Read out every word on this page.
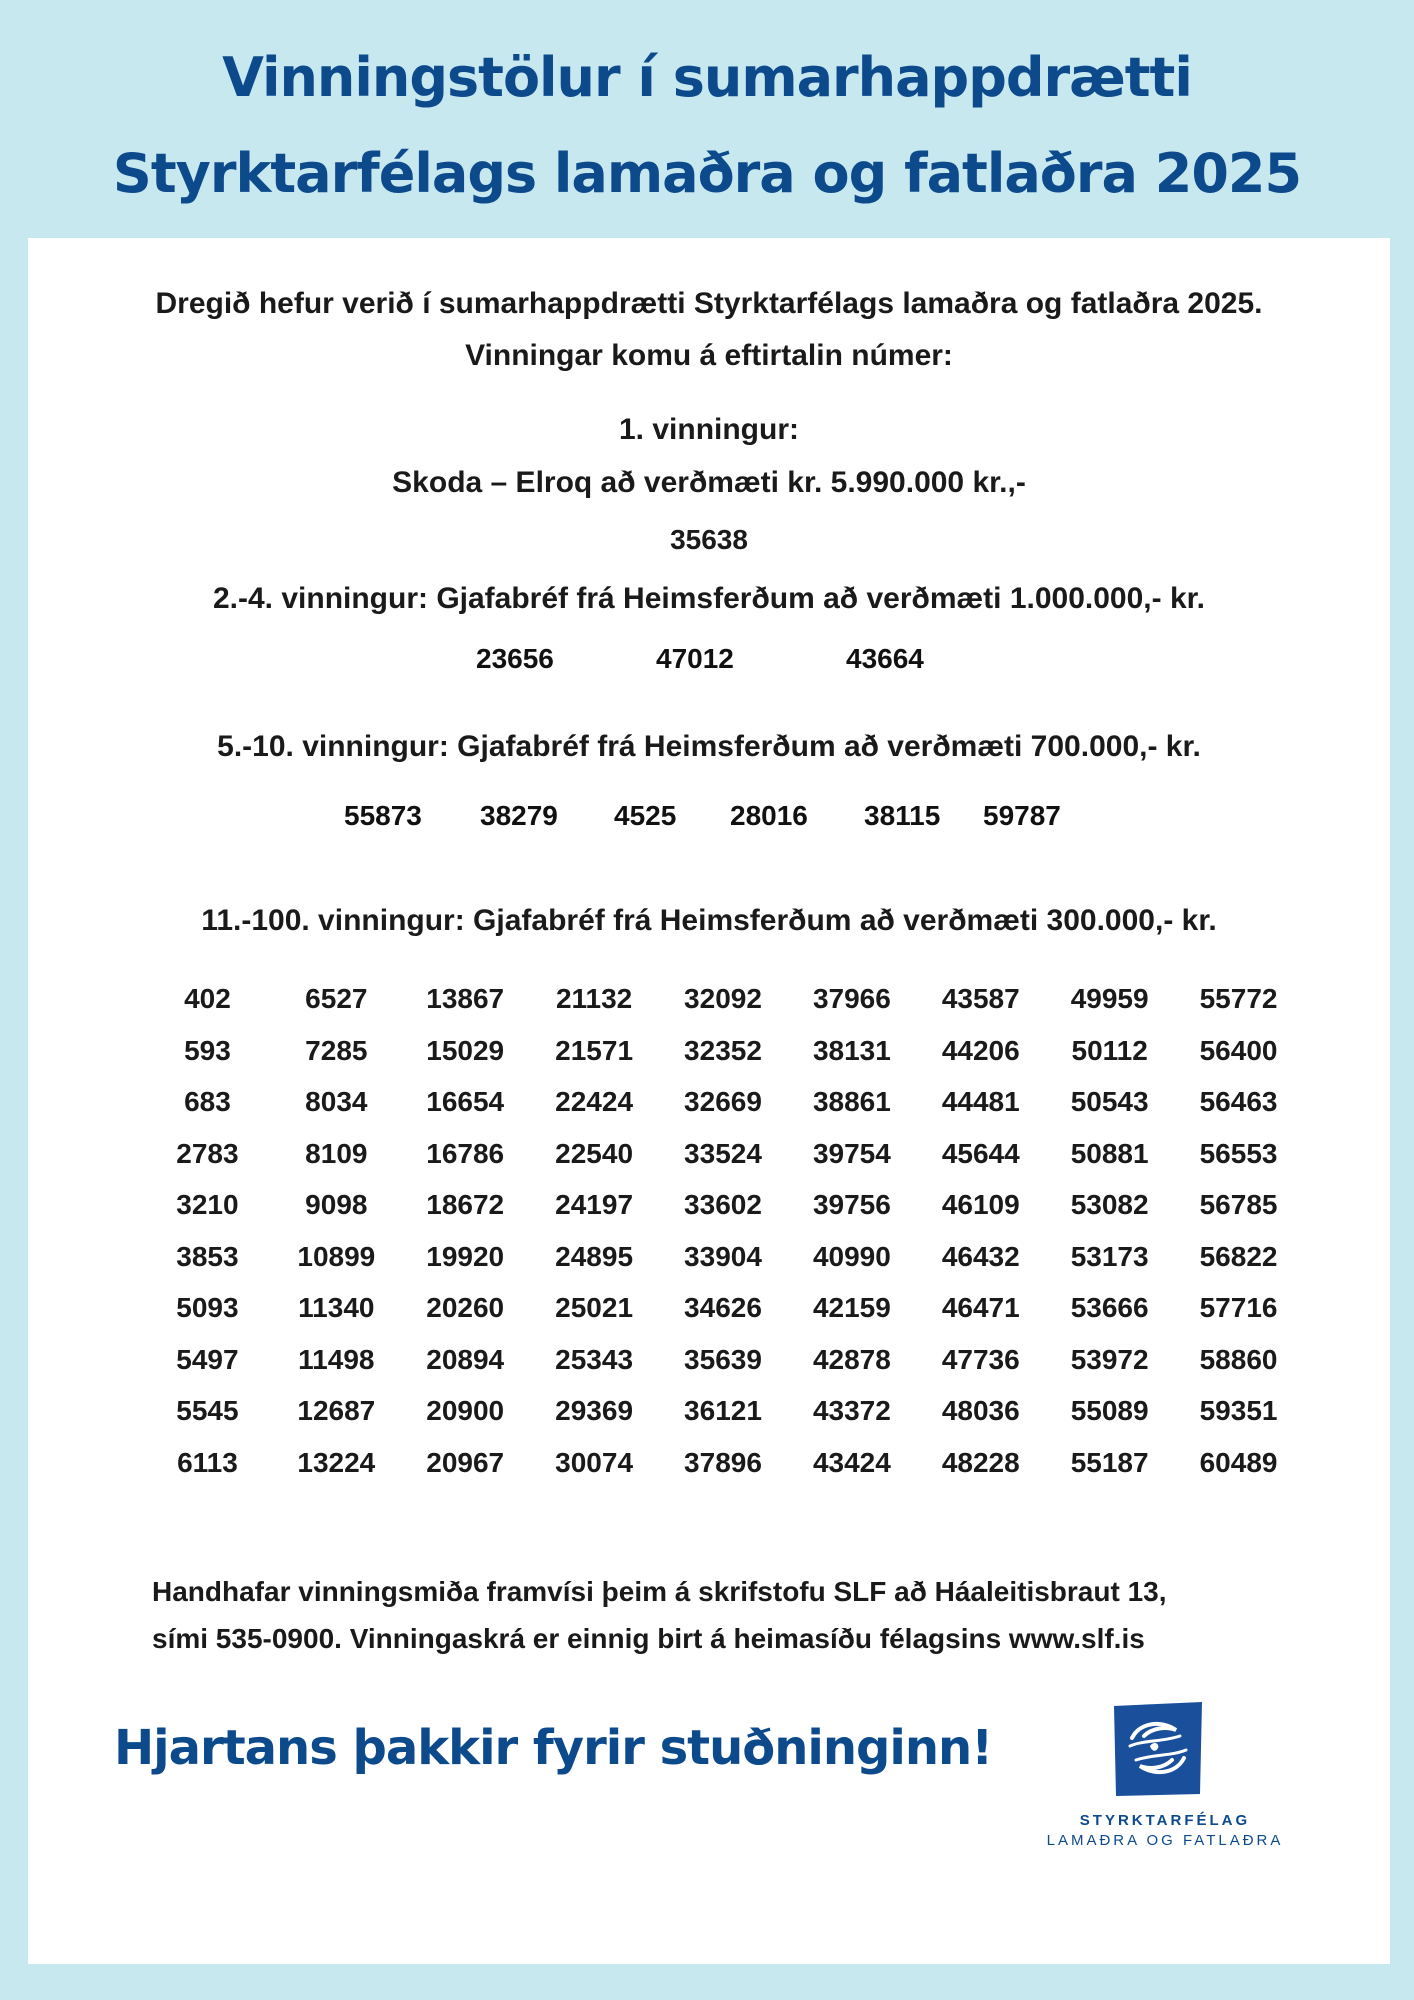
Vinningstölur í sumarhappdrætti
Styrktarfélags lamaðra og fatlaðra 2025
Dregið hefur verið í sumarhappdrætti Styrktarfélags lamaðra og fatlaðra 2025.
Vinningar komu á eftirtalin númer:
1. vinningur:
Skoda – Elroq að verðmæti kr. 5.990.000 kr.,-
35638
2.-4. vinningur: Gjafabréf frá Heimsferðum að verðmæti 1.000.000,- kr.
23656	47012	43664
5.-10. vinningur: Gjafabréf frá Heimsferðum að verðmæti 700.000,- kr.
55873 38279 4525 28016 38115 59787
11.-100. vinningur: Gjafabréf frá Heimsferðum að verðmæti 300.000,- kr.
402	6527	13867	21132	32092	37966	43587	49959	55772
593	7285	15029	21571	32352	38131	44206	50112	56400
683	8034	16654	22424	32669	38861	44481	50543	56463
2783	8109	16786	22540	33524	39754	45644	50881	56553
3210	9098	18672	24197	33602	39756	46109	53082	56785
3853	10899	19920	24895	33904	40990	46432	53173	56822
5093	11340	20260	25021	34626	42159	46471	53666	57716
5497	11498	20894	25343	35639	42878	47736	53972	58860
5545	12687	20900	29369	36121	43372	48036	55089	59351
6113	13224	20967	30074	37896	43424	48228	55187	60489
Handhafar vinningsmiða framvísi þeim á skrifstofu SLF að Háaleitisbraut 13,
sími 535-0900. Vinningaskrá er einnig birt á heimasíðu félagsins www.slf.is
Hjartans þakkir fyrir stuðninginn!
STYRKTARFÉLAG
LAMAÐRA OG FATLAÐRA
